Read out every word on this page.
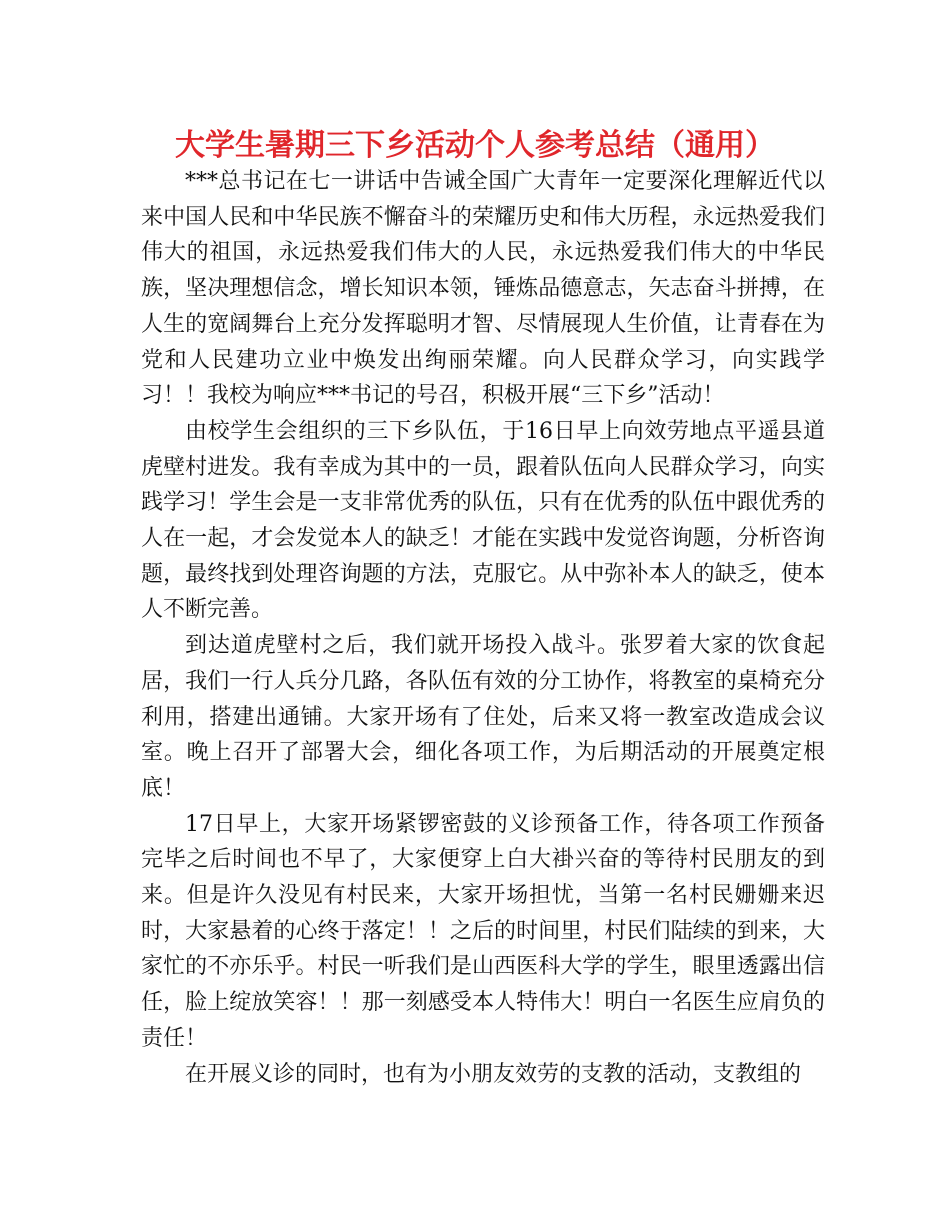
大学生暑期三下乡活动个人参考总结（通用）

***总书记在七一讲话中告诫全国广大青年一定要深化理解近代以来中国人民和中华民族不懈奋斗的荣耀历史和伟大历程，永远热爱我们伟大的祖国，永远热爱我们伟大的人民，永远热爱我们伟大的中华民族，坚决理想信念，增长知识本领，锤炼品德意志，矢志奋斗拼搏，在人生的宽阔舞台上充分发挥聪明才智、尽情展现人生价值，让青春在为党和人民建功立业中焕发出绚丽荣耀。向人民群众学习，向实践学习！！我校为响应***书记的号召，积极开展“三下乡”活动！

由校学生会组织的三下乡队伍，于16日早上向效劳地点平遥县道虎壁村进发。我有幸成为其中的一员，跟着队伍向人民群众学习，向实践学习！学生会是一支非常优秀的队伍，只有在优秀的队伍中跟优秀的人在一起，才会发觉本人的缺乏！才能在实践中发觉咨询题，分析咨询题，最终找到处理咨询题的方法，克服它。从中弥补本人的缺乏，使本人不断完善。

到达道虎壁村之后，我们就开场投入战斗。张罗着大家的饮食起居，我们一行人兵分几路，各队伍有效的分工协作，将教室的桌椅充分利用，搭建出通铺。大家开场有了住处，后来又将一教室改造成会议室。晚上召开了部署大会，细化各项工作，为后期活动的开展奠定根底！

17日早上，大家开场紧锣密鼓的义诊预备工作，待各项工作预备完毕之后时间也不早了，大家便穿上白大褂兴奋的等待村民朋友的到来。但是许久没见有村民来，大家开场担忧，当第一名村民姗姗来迟时，大家悬着的心终于落定！！之后的时间里，村民们陆续的到来，大家忙的不亦乐乎。村民一听我们是山西医科大学的学生，眼里透露出信任，脸上绽放笑容！！那一刻感受本人特伟大！明白一名医生应肩负的责任！

在开展义诊的同时，也有为小朋友效劳的支教的活动，支教组的
